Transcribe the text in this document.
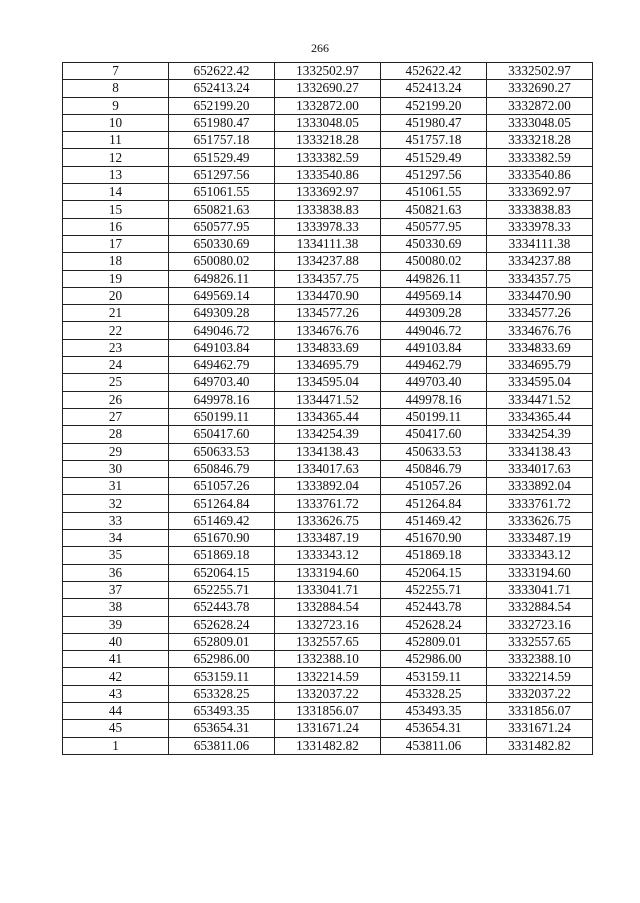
266
7	652622.42	1332502.97	452622.42	3332502.97
8	652413.24	1332690.27	452413.24	3332690.27
9	652199.20	1332872.00	452199.20	3332872.00
10	651980.47	1333048.05	451980.47	3333048.05
11	651757.18	1333218.28	451757.18	3333218.28
12	651529.49	1333382.59	451529.49	3333382.59
13	651297.56	1333540.86	451297.56	3333540.86
14	651061.55	1333692.97	451061.55	3333692.97
15	650821.63	1333838.83	450821.63	3333838.83
16	650577.95	1333978.33	450577.95	3333978.33
17	650330.69	1334111.38	450330.69	3334111.38
18	650080.02	1334237.88	450080.02	3334237.88
19	649826.11	1334357.75	449826.11	3334357.75
20	649569.14	1334470.90	449569.14	3334470.90
21	649309.28	1334577.26	449309.28	3334577.26
22	649046.72	1334676.76	449046.72	3334676.76
23	649103.84	1334833.69	449103.84	3334833.69
24	649462.79	1334695.79	449462.79	3334695.79
25	649703.40	1334595.04	449703.40	3334595.04
26	649978.16	1334471.52	449978.16	3334471.52
27	650199.11	1334365.44	450199.11	3334365.44
28	650417.60	1334254.39	450417.60	3334254.39
29	650633.53	1334138.43	450633.53	3334138.43
30	650846.79	1334017.63	450846.79	3334017.63
31	651057.26	1333892.04	451057.26	3333892.04
32	651264.84	1333761.72	451264.84	3333761.72
33	651469.42	1333626.75	451469.42	3333626.75
34	651670.90	1333487.19	451670.90	3333487.19
35	651869.18	1333343.12	451869.18	3333343.12
36	652064.15	1333194.60	452064.15	3333194.60
37	652255.71	1333041.71	452255.71	3333041.71
38	652443.78	1332884.54	452443.78	3332884.54
39	652628.24	1332723.16	452628.24	3332723.16
40	652809.01	1332557.65	452809.01	3332557.65
41	652986.00	1332388.10	452986.00	3332388.10
42	653159.11	1332214.59	453159.11	3332214.59
43	653328.25	1332037.22	453328.25	3332037.22
44	653493.35	1331856.07	453493.35	3331856.07
45	653654.31	1331671.24	453654.31	3331671.24
1	653811.06	1331482.82	453811.06	3331482.82
